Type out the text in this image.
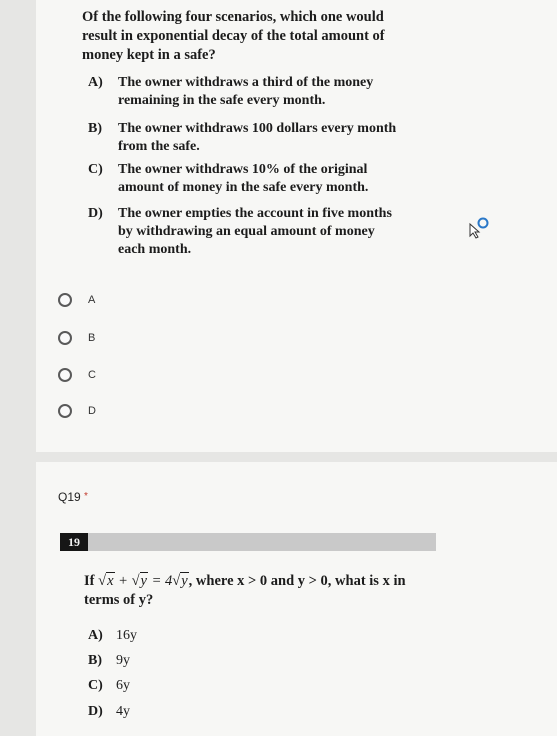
Of the following four scenarios, which one would result in exponential decay of the total amount of money kept in a safe?
A)	The owner withdraws a third of the money remaining in the safe every month.
B)	The owner withdraws 100 dollars every month from the safe.
C)	The owner withdraws 10% of the original amount of money in the safe every month.
D)	The owner empties the account in five months by withdrawing an equal amount of money each month.
A
B
C
D
Q19 *
19
If √x + √y = 4√y, where x > 0 and y > 0, what is x in terms of y?
A) 16y
B) 9y
C) 6y
D) 4y
